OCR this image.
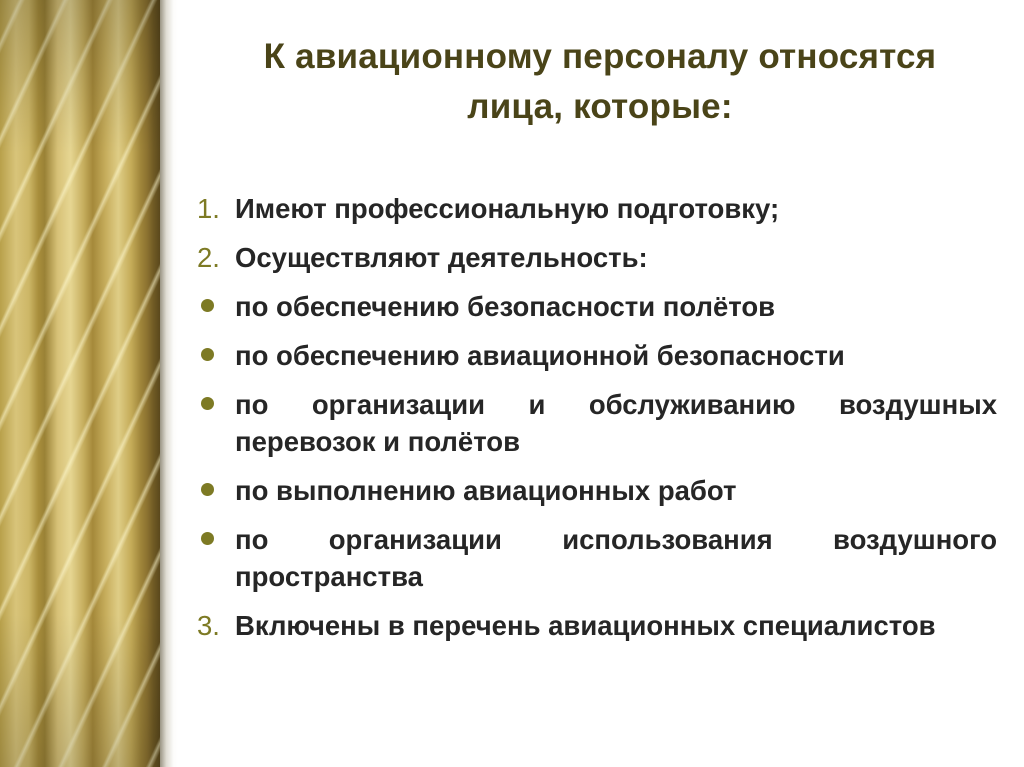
К авиационному персоналу относятся
лица, которые:
1. Имеют профессиональную подготовку;
2. Осуществляют деятельность:
по обеспечению безопасности полётов
по обеспечению авиационной безопасности
по организации и обслуживанию воздушных перевозок и полётов
по выполнению авиационных работ
по организации использования воздушного пространства
3. Включены в перечень авиационных специалистов
